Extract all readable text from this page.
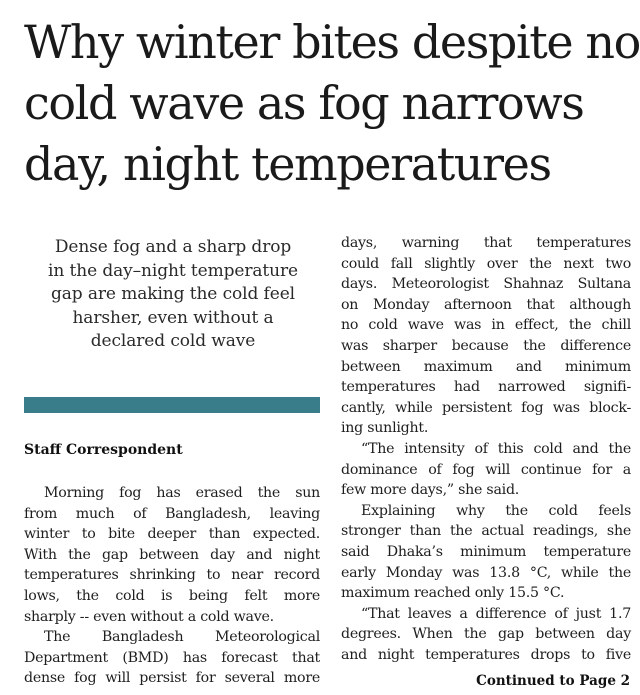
Why winter bites despite no
cold wave as fog narrows
day, night temperatures

Dense fog and a sharp drop
in the day–night temperature
gap are making the cold feel
harsher, even without a
declared cold wave

Staff Correspondent
Morning fog has erased the sun
from much of Bangladesh, leaving
winter to bite deeper than expected.
With the gap between day and night
temperatures shrinking to near record
lows, the cold is being felt more
sharply -- even without a cold wave.
The Bangladesh Meteorological
Department (BMD) has forecast that
dense fog will persist for several more
days, warning that temperatures
could fall slightly over the next two
days. Meteorologist Shahnaz Sultana
on Monday afternoon that although
no cold wave was in effect, the chill
was sharper because the difference
between maximum and minimum
temperatures had narrowed signifi-
cantly, while persistent fog was block-
ing sunlight.
“The intensity of this cold and the
dominance of fog will continue for a
few more days,” she said.
Explaining why the cold feels
stronger than the actual readings, she
said Dhaka’s minimum temperature
early Monday was 13.8 °C, while the
maximum reached only 15.5 °C.
“That leaves a difference of just 1.7
degrees. When the gap between day
and night temperatures drops to five
Continued to Page 2
